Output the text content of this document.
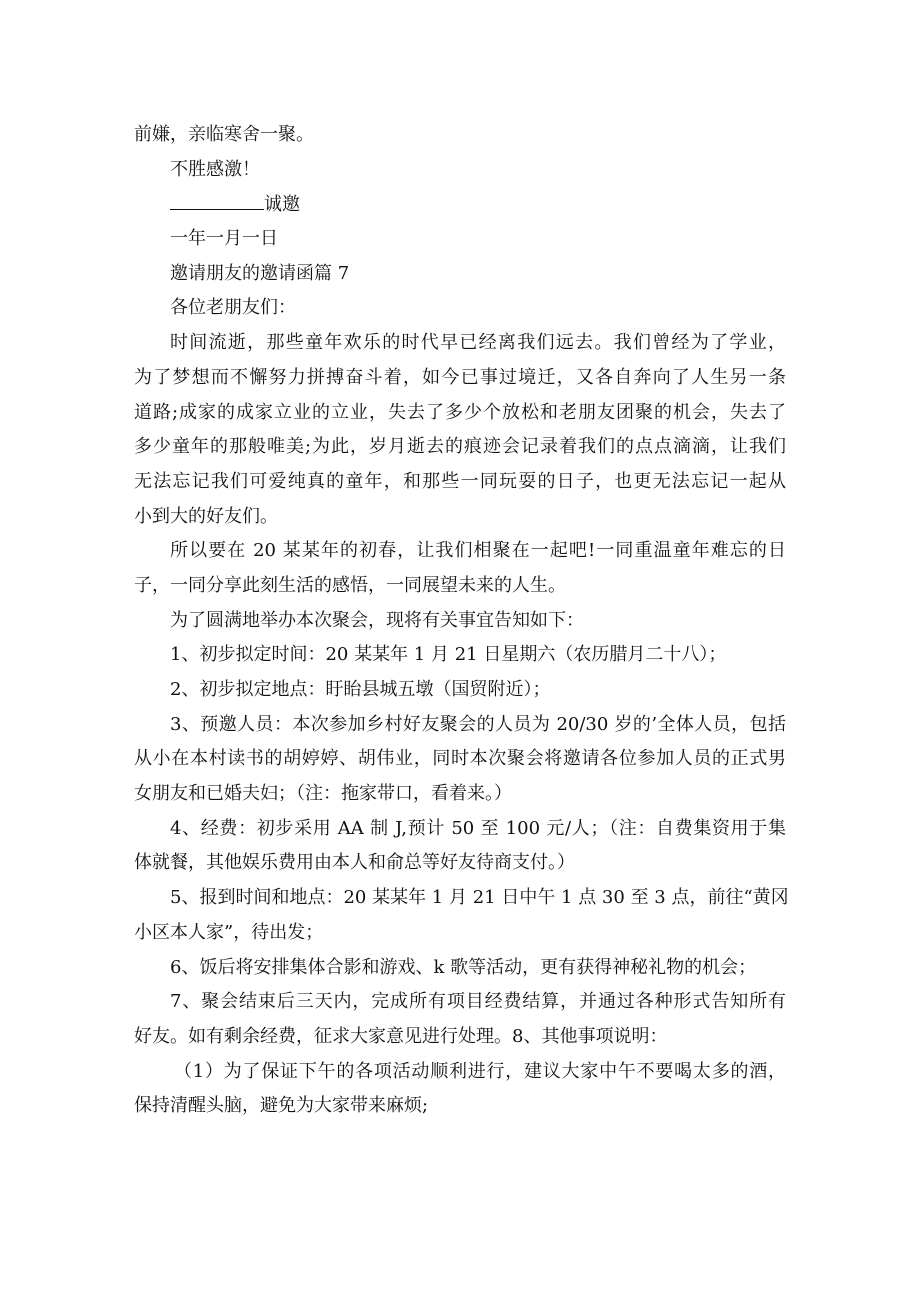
前嫌，亲临寒舍一聚。
不胜感激！
诚邀
一年一月一日
邀请朋友的邀请函篇 7
各位老朋友们：
时间流逝，那些童年欢乐的时代早已经离我们远去。我们曾经为了学业，
为了梦想而不懈努力拼搏奋斗着，如今已事过境迁，又各自奔向了人生另一条
道路;成家的成家立业的立业，失去了多少个放松和老朋友团聚的机会，失去了
多少童年的那般唯美;为此，岁月逝去的痕迹会记录着我们的点点滴滴，让我们
无法忘记我们可爱纯真的童年，和那些一同玩耍的日子，也更无法忘记一起从
小到大的好友们。
所以要在 20 某某年的初春，让我们相聚在一起吧!一同重温童年难忘的日
子，一同分享此刻生活的感悟，一同展望未来的人生。
为了圆满地举办本次聚会，现将有关事宜告知如下：
1、初步拟定时间：20 某某年 1 月 21 日星期六（农历腊月二十八）；
2、初步拟定地点：盱眙县城五墩（国贸附近）；
3、预邀人员：本次参加乡村好友聚会的人员为 20/30 岁的’全体人员，包括
从小在本村读书的胡婷婷、胡伟业，同时本次聚会将邀请各位参加人员的正式男
女朋友和已婚夫妇；（注：拖家带口，看着来。）
4、经费：初步采用 AA 制 J,预计 50 至 100 元/人；（注：自费集资用于集
体就餐，其他娱乐费用由本人和俞总等好友待商支付。）
5、报到时间和地点：20 某某年 1 月 21 日中午 1 点 30 至 3 点，前往“黄冈
小区本人家”，待出发；
6、饭后将安排集体合影和游戏、k 歌等活动，更有获得神秘礼物的机会；
7、聚会结束后三天内，完成所有项目经费结算，并通过各种形式告知所有
好友。如有剩余经费，征求大家意见进行处理。8、其他事项说明：
（1）为了保证下午的各项活动顺利进行，建议大家中午不要喝太多的酒，
保持清醒头脑，避免为大家带来麻烦;
